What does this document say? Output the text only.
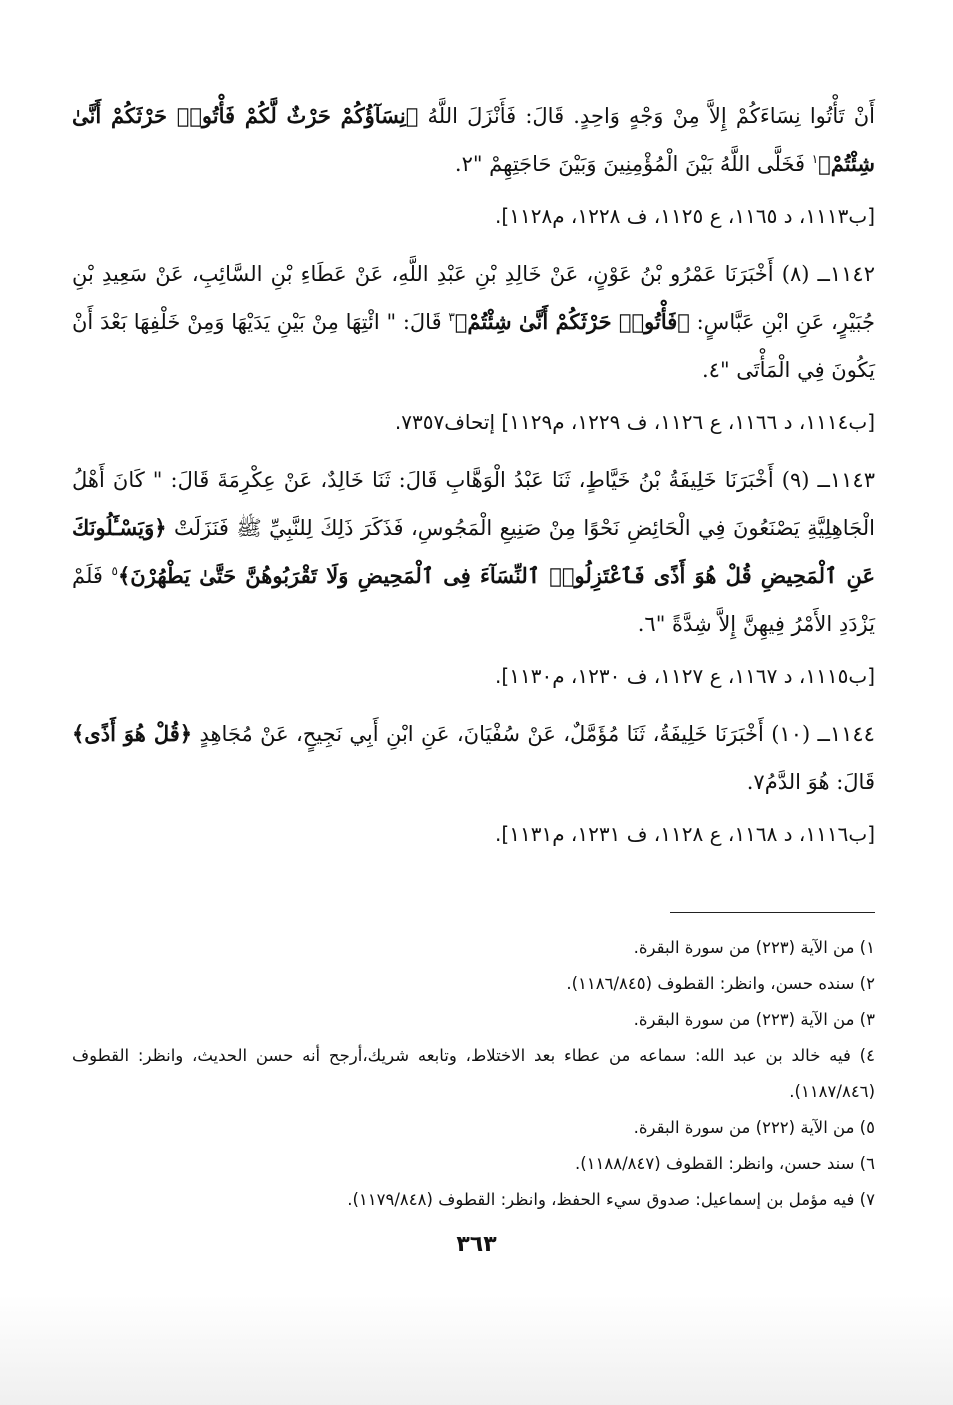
أَنْ تَأْتُوا نِسَاءَكُمْ إِلاَّ مِنْ وَجْهٍ وَاحِدٍ. قَالَ: فَأَنْزَلَ اللَّهُ ﴿نِسَآؤُكُمْ حَرْثٌ لَّكُمْ فَأْتُوا۟ حَرْثَكُمْ أَنَّىٰ شِئْتُمْ﴾$^١$ فَخَلَّى اللَّهُ بَيْنَ الْمُؤْمِنِينَ وَبَيْنَ حَاجَتِهِمْ "٢.

[ب١١١٣، د ١١٦٥، ع ١١٢٥، ف ١٢٢٨، م١١٢٨].

١١٤٢ــ (٨) أَخْبَرَنَا عَمْرُو بْنُ عَوْنٍ، عَنْ خَالِدِ بْنِ عَبْدِ اللَّهِ، عَنْ عَطَاءِ بْنِ السَّائِبِ، عَنْ سَعِيدِ بْنِ جُبَيْرٍ، عَنِ ابْنِ عَبَّاسٍ: ﴿فَأْتُوا۟ حَرْثَكُمْ أَنَّىٰ شِئْتُمْ﴾$^٣$ قَالَ: " ائْتِهَا مِنْ بَيْنِ يَدَيْهَا وَمِنْ خَلْفِهَا بَعْدَ أَنْ يَكُونَ فِي الْمَأْتَى "٤.

[ب١١١٤، د ١١٦٦، ع ١١٢٦، ف ١٢٢٩، م١١٢٩] إتحاف٧٣٥٧.

١١٤٣ــ (٩) أَخْبَرَنَا خَلِيفَةُ بْنُ خَيَّاطٍ، ثَنَا عَبْدُ الْوَهَّابِ قَالَ: ثَنَا خَالِدٌ، عَنْ عِكْرِمَةَ قَالَ: " كَانَ أَهْلُ الْجَاهِلِيَّةِ يَصْنَعُونَ فِي الْحَائِضِ نَحْوًا مِنْ صَنِيعِ الْمَجُوسِ، فَذَكَرَ ذَلِكَ لِلنَّبِيِّ ﷺ فَنَزَلَتْ ﴿وَيَسْـَٔلُونَكَ عَنِ ٱلْمَحِيضِ قُلْ هُوَ أَذًى فَٱعْتَزِلُوا۟ ٱلنِّسَآءَ فِى ٱلْمَحِيضِ وَلَا تَقْرَبُوهُنَّ حَتَّىٰ يَطْهُرْنَ﴾$^٥$ فَلَمْ يَزْدَدِ الأَمْرُ فِيهِنَّ إِلاَّ شِدَّةً "٦.

[ب١١١٥، د ١١٦٧، ع ١١٢٧، ف ١٢٣٠، م١١٣٠].

١١٤٤ــ (١٠) أَخْبَرَنَا خَلِيفَةُ، ثَنَا مُؤَمَّلٌ، عَنْ سُفْيَانَ، عَنِ ابْنِ أَبِي نَجِيحٍ، عَنْ مُجَاهِدٍ ﴿قُلْ هُوَ أَذًى﴾ قَالَ: هُوَ الدَّمُ٧.

[ب١١١٦، د ١١٦٨، ع ١١٢٨، ف ١٢٣١، م١١٣١].

١) من الآية (٢٢٣) من سورة البقرة.

٢) سنده حسن، وانظر: القطوف (١١٨٦/٨٤٥).

٣) من الآية (٢٢٣) من سورة البقرة.

٤) فيه خالد بن عبد الله: سماعه من عطاء بعد الاختلاط، وتابعه شريك،أرجح أنه حسن الحديث، وانظر: القطوف (١١٨٧/٨٤٦).

٥) من الآية (٢٢٢) من سورة البقرة.

٦) سند حسن، وانظر: القطوف (١١٨٨/٨٤٧).

٧) فيه مؤمل بن إسماعيل: صدوق سيء الحفظ، وانظر: القطوف (١١٧٩/٨٤٨).

٣٦٣
